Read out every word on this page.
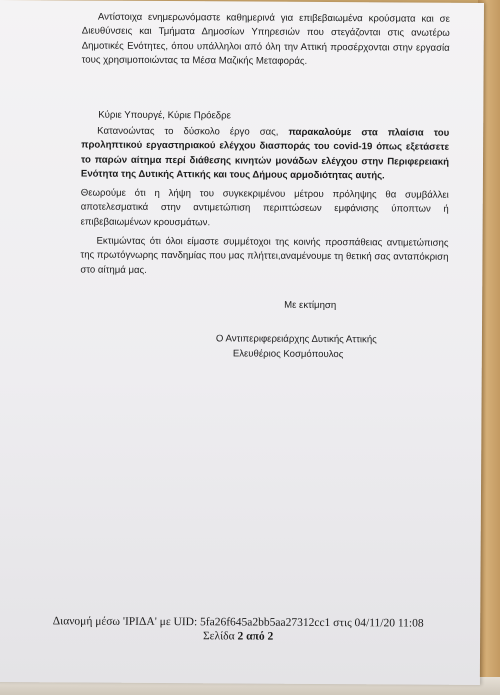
Αντίστοιχα ενημερωνόμαστε καθημερινά για επιβεβαιωμένα κρούσματα και σε Διευθύνσεις και Τμήματα Δημοσίων Υπηρεσιών που στεγάζονται στις ανωτέρω Δημοτικές Ενότητες, όπου υπάλληλοι από όλη την Αττική προσέρχονται στην εργασία τους χρησιμοποιώντας τα Μέσα Μαζικής Μεταφοράς.

Κύριε Υπουργέ, Κύριε Πρόεδρε

Κατανοώντας το δύσκολο έργο σας, παρακαλούμε στα πλαίσια του προληπτικού εργαστηριακού ελέγχου διασποράς του covid-19 όπως εξετάσετε το παρών αίτημα περί διάθεσης κινητών μονάδων ελέγχου στην Περιφερειακή Ενότητα της Δυτικής Αττικής και τους Δήμους αρμοδιότητας αυτής.

Θεωρούμε ότι η λήψη του συγκεκριμένου μέτρου πρόληψης θα συμβάλλει αποτελεσματικά στην αντιμετώπιση περιπτώσεων εμφάνισης ύποπτων ή επιβεβαιωμένων κρουσμάτων.

Εκτιμώντας ότι όλοι είμαστε συμμέτοχοι της κοινής προσπάθειας αντιμετώπισης της πρωτόγνωρης πανδημίας που μας πλήττει,αναμένουμε τη θετική σας ανταπόκριση στο αίτημά μας.

Με εκτίμηση

Ο Αντιπεριφερειάρχης Δυτικής Αττικής

Ελευθέριος Κοσμόπουλος

Διανομή μέσω 'ΙΡΙΔΑ' με UID: 5fa26f645a2bb5aa27312cc1 στις 04/11/20 11:08

Σελίδα 2 από 2
